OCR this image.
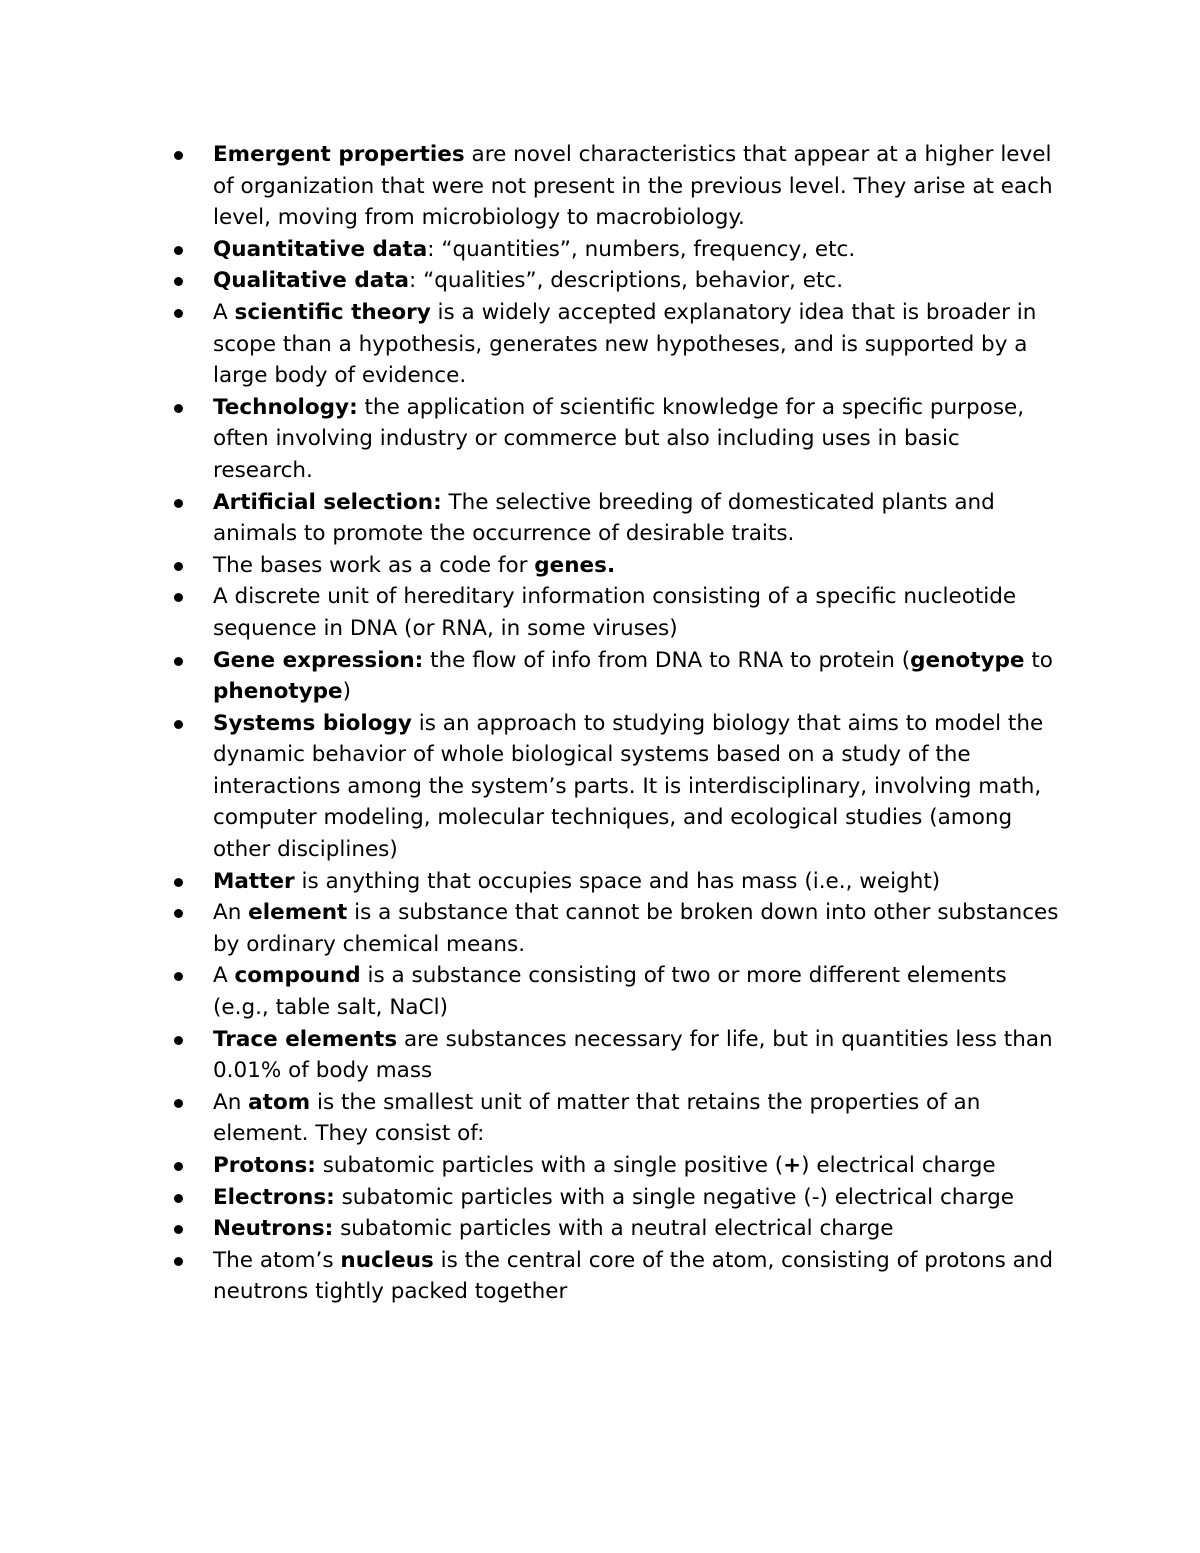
Emergent properties are novel characteristics that appear at a higher level of organization that were not present in the previous level. They arise at each level, moving from microbiology to macrobiology.
Quantitative data: “quantities”, numbers, frequency, etc.
Qualitative data: “qualities”, descriptions, behavior, etc.
A scientific theory is a widely accepted explanatory idea that is broader in scope than a hypothesis, generates new hypotheses, and is supported by a large body of evidence.
Technology: the application of scientific knowledge for a specific purpose, often involving industry or commerce but also including uses in basic research.
Artificial selection: The selective breeding of domesticated plants and animals to promote the occurrence of desirable traits.
The bases work as a code for genes.
A discrete unit of hereditary information consisting of a specific nucleotide sequence in DNA (or RNA, in some viruses)
Gene expression: the flow of info from DNA to RNA to protein (genotype to phenotype)
Systems biology is an approach to studying biology that aims to model the dynamic behavior of whole biological systems based on a study of the interactions among the system’s parts. It is interdisciplinary, involving math, computer modeling, molecular techniques, and ecological studies (among other disciplines)
Matter is anything that occupies space and has mass (i.e., weight)
An element is a substance that cannot be broken down into other substances by ordinary chemical means.
A compound is a substance consisting of two or more different elements (e.g., table salt, NaCl)
Trace elements are substances necessary for life, but in quantities less than 0.01% of body mass
An atom is the smallest unit of matter that retains the properties of an element. They consist of:
Protons: subatomic particles with a single positive (+) electrical charge
Electrons: subatomic particles with a single negative (-) electrical charge
Neutrons: subatomic particles with a neutral electrical charge
The atom’s nucleus is the central core of the atom, consisting of protons and neutrons tightly packed together
